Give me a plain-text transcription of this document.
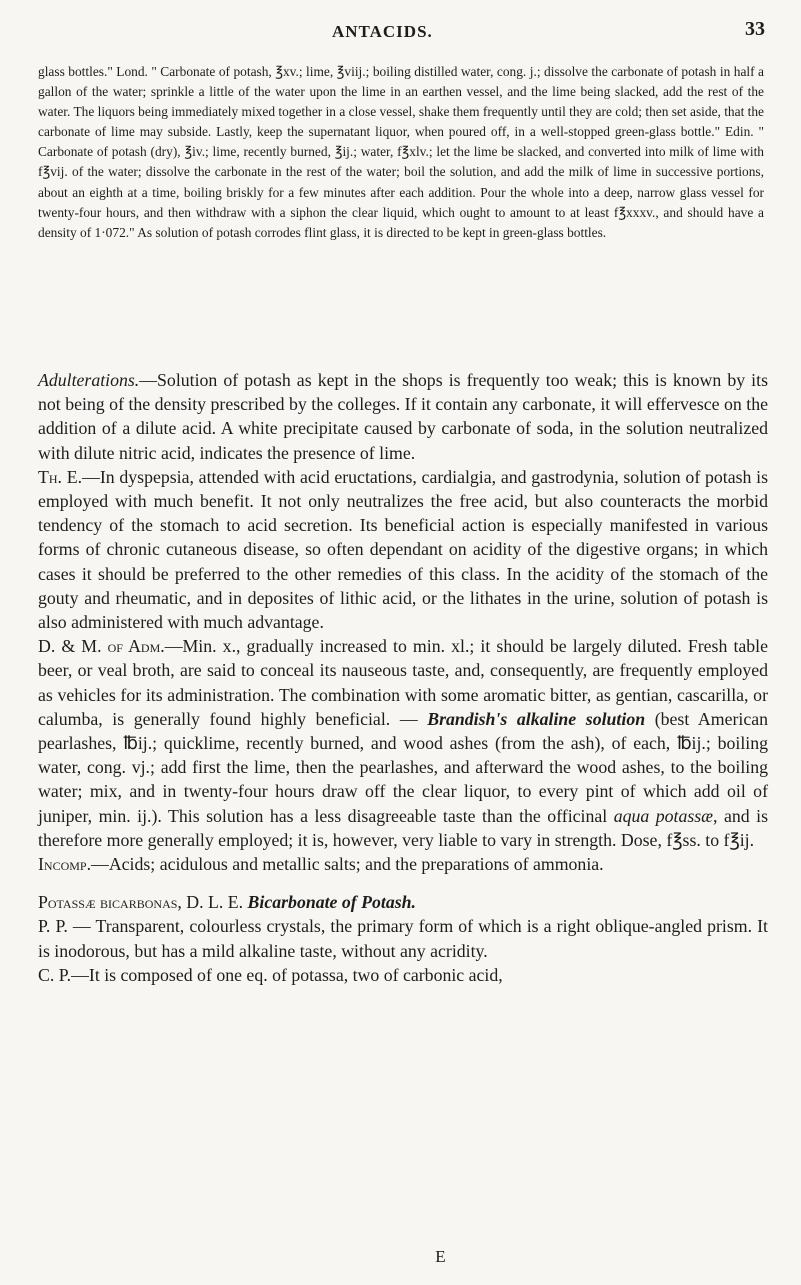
ANTACIDS.	33
glass bottles." Lond. " Carbonate of potash, ℥xv.; lime, ℥viij.; boiling distilled water, cong. j.; dissolve the carbonate of potash in half a gallon of the water; sprinkle a little of the water upon the lime in an earthen vessel, and the lime being slacked, add the rest of the water. The liquors being immediately mixed together in a close vessel, shake them frequently until they are cold; then set aside, that the carbonate of lime may subside. Lastly, keep the supernatant liquor, when poured off, in a well-stopped green-glass bottle." Edin. " Carbonate of potash (dry), ℥iv.; lime, recently burned, ℥ij.; water, f℥xlv.; let the lime be slacked, and converted into milk of lime with f℥vij. of the water; dissolve the carbonate in the rest of the water; boil the solution, and add the milk of lime in successive portions, about an eighth at a time, boiling briskly for a few minutes after each addition. Pour the whole into a deep, narrow glass vessel for twenty-four hours, and then withdraw with a siphon the clear liquid, which ought to amount to at least f℥xxxv., and should have a density of 1·072." As solution of potash corrodes flint glass, it is directed to be kept in green-glass bottles.

Adulterations.—Solution of potash as kept in the shops is frequently too weak; this is known by its not being of the density prescribed by the colleges. If it contain any carbonate, it will effervesce on the addition of a dilute acid. A white precipitate caused by carbonate of soda, in the solution neutralized with dilute nitric acid, indicates the presence of lime.

Th. E.—In dyspepsia, attended with acid eructations, cardialgia, and gastrodynia, solution of potash is employed with much benefit. It not only neutralizes the free acid, but also counteracts the morbid tendency of the stomach to acid secretion. Its beneficial action is especially manifested in various forms of chronic cutaneous disease, so often dependant on acidity of the digestive organs; in which cases it should be preferred to the other remedies of this class. In the acidity of the stomach of the gouty and rheumatic, and in deposites of lithic acid, or the lithates in the urine, solution of potash is also administered with much advantage.

D. & M. of Adm.—Min. x., gradually increased to min. xl.; it should be largely diluted. Fresh table beer, or veal broth, are said to conceal its nauseous taste, and, consequently, are frequently employed as vehicles for its administration. The combination with some aromatic bitter, as gentian, cascarilla, or calumba, is generally found highly beneficial. — Brandish's alkaline solution (best American pearlashes, ℔ij.; quicklime, recently burned, and wood ashes (from the ash), of each, ℔ij.; boiling water, cong. vj.; add first the lime, then the pearlashes, and afterward the wood ashes, to the boiling water; mix, and in twenty-four hours draw off the clear liquor, to every pint of which add oil of juniper, min. ij.). This solution has a less disagreeable taste than the officinal aqua potassæ, and is therefore more generally employed; it is, however, very liable to vary in strength. Dose, f℥ss. to f℥ij.

Incomp.—Acids; acidulous and metallic salts; and the preparations of ammonia.

Potassæ bicarbonas, D. L. E. Bicarbonate of Potash.

P. P. — Transparent, colourless crystals, the primary form of which is a right oblique-angled prism. It is inodorous, but has a mild alkaline taste, without any acridity.

C. P.—It is composed of one eq. of potassa, two of carbonic acid,

E
